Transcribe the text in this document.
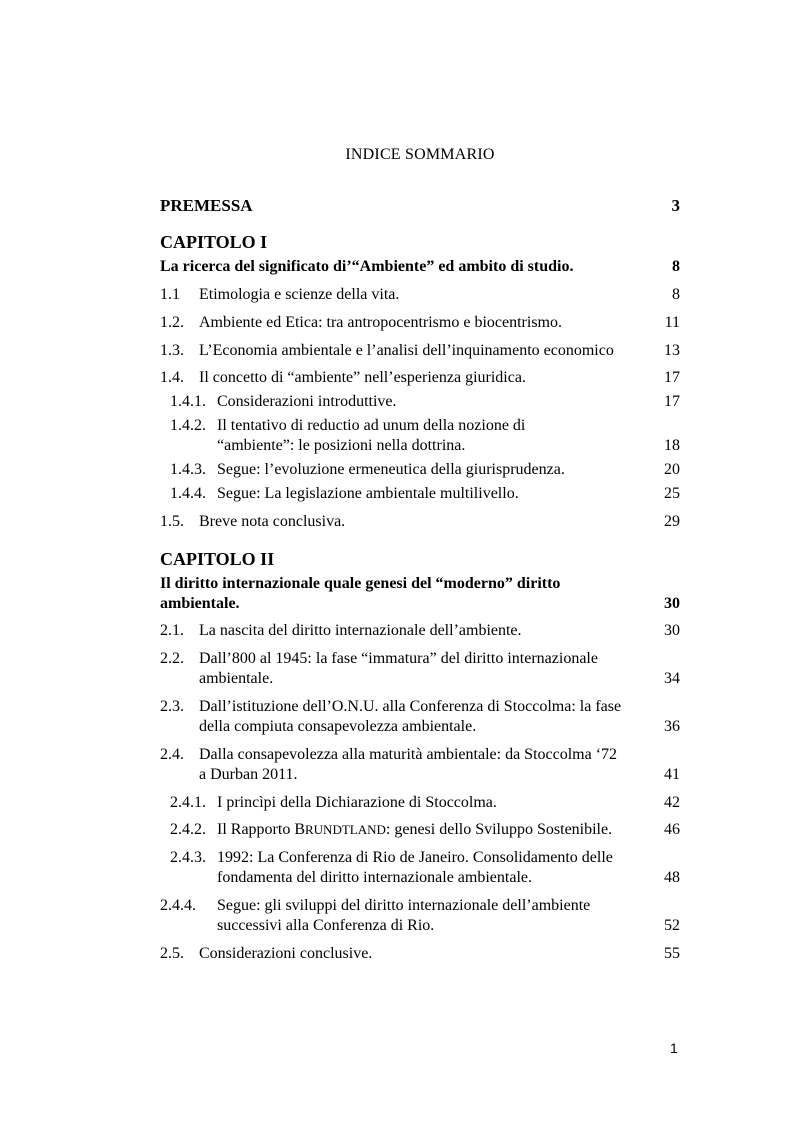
INDICE SOMMARIO
PREMESSA	3
CAPITOLO I
La ricerca del significato di’“Ambiente” ed ambito di studio.	8
1.1 Etimologia e scienze della vita.	8
1.2. Ambiente ed Etica: tra antropocentrismo e biocentrismo.	11
1.3. L’Economia ambientale e l’analisi dell’inquinamento economico	13
1.4. Il concetto di “ambiente” nell’esperienza giuridica.	17
1.4.1. Considerazioni introduttive.	17
1.4.2. Il tentativo di reductio ad unum della nozione di
“ambiente”: le posizioni nella dottrina.	18
1.4.3. Segue: l’evoluzione ermeneutica della giurisprudenza.	20
1.4.4. Segue: La legislazione ambientale multilivello.	25
1.5. Breve nota conclusiva.	29
CAPITOLO II
Il diritto internazionale quale genesi del “moderno” diritto
ambientale.	30
2.1. La nascita del diritto internazionale dell’ambiente.	30
2.2. Dall’800 al 1945: la fase “immatura” del diritto internazionale
ambientale.	34
2.3. Dall’istituzione dell’O.N.U. alla Conferenza di Stoccolma: la fase
della compiuta consapevolezza ambientale.	36
2.4. Dalla consapevolezza alla maturità ambientale: da Stoccolma ‘72
a Durban 2011.	41
2.4.1. I princìpi della Dichiarazione di Stoccolma.	42
2.4.2. Il Rapporto BRUNDTLAND: genesi dello Sviluppo Sostenibile.	46
2.4.3. 1992: La Conferenza di Rio de Janeiro. Consolidamento delle
fondamenta del diritto internazionale ambientale.	48
2.4.4. Segue: gli sviluppi del diritto internazionale dell’ambiente
successivi alla Conferenza di Rio.	52
2.5. Considerazioni conclusive.	55
1
